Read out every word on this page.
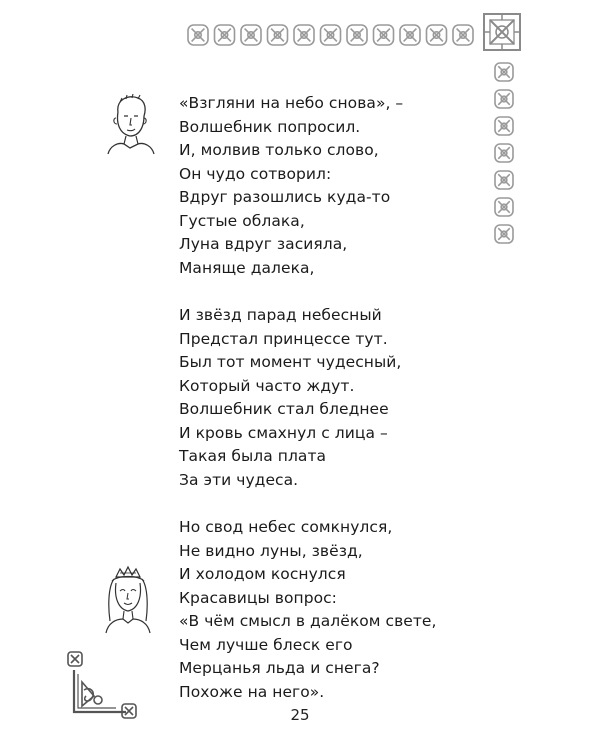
«Взгляни на небо снова», –
Волшебник попросил.
И, молвив только слово,
Он чудо сотворил:
Вдруг разошлись куда-то
Густые облака,
Луна вдруг засияла,
Маняще далека,
И звёзд парад небесный
Предстал принцессе тут.
Был тот момент чудесный,
Который часто ждут.
Волшебник стал бледнее
И кровь смахнул с лица –
Такая была плата
За эти чудеса.
Но свод небес сомкнулся,
Не видно луны, звёзд,
И холодом коснулся
Красавицы вопрос:
«В чём смысл в далёком свете,
Чем лучше блеск его
Мерцанья льда и снега?
Похоже на него».
25
